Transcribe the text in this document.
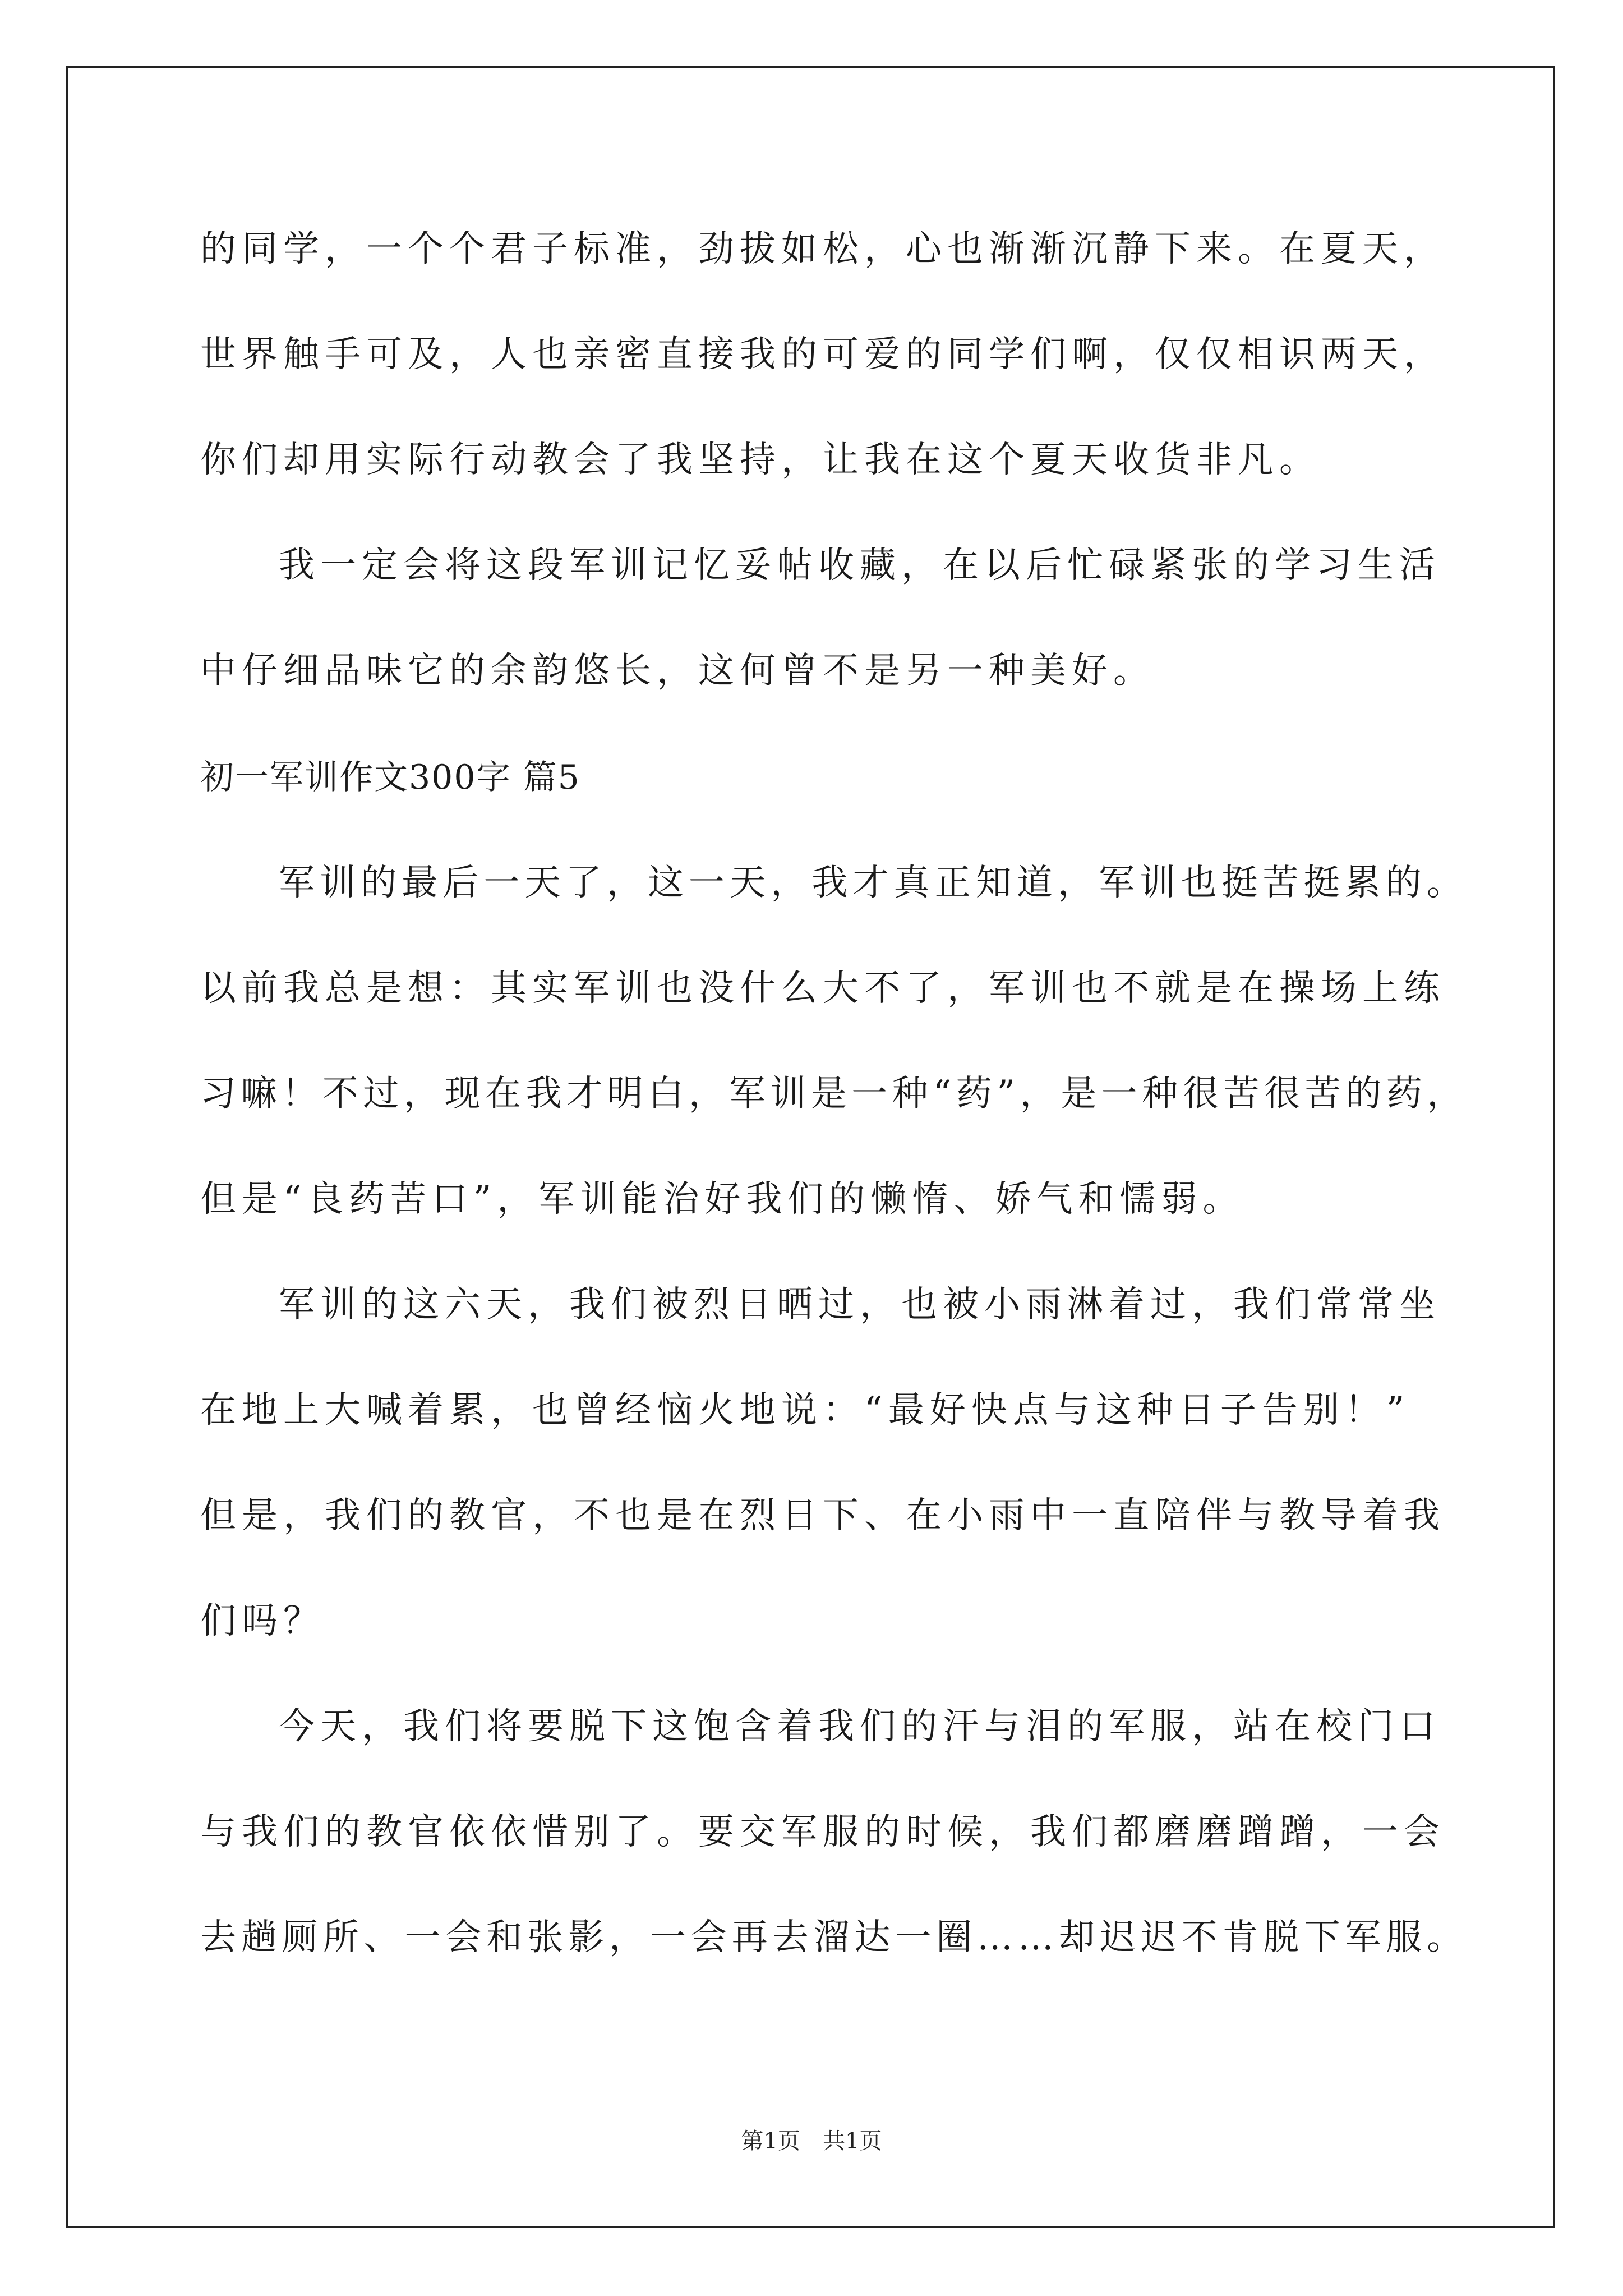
的同学，一个个君子标准，劲拔如松，心也渐渐沉静下来。在夏天，
世界触手可及，人也亲密直接我的可爱的同学们啊，仅仅相识两天，
你们却用实际行动教会了我坚持，让我在这个夏天收货非凡。
我一定会将这段军训记忆妥帖收藏，在以后忙碌紧张的学习生活
中仔细品味它的余韵悠长，这何曾不是另一种美好。
初一军训作文300字 篇5
军训的最后一天了，这一天，我才真正知道，军训也挺苦挺累的。
以前我总是想：其实军训也没什么大不了，军训也不就是在操场上练
习嘛！不过，现在我才明白，军训是一种“药”，是一种很苦很苦的药，
但是“良药苦口”，军训能治好我们的懒惰、娇气和懦弱。
军训的这六天，我们被烈日晒过，也被小雨淋着过，我们常常坐
在地上大喊着累，也曾经恼火地说：“最好快点与这种日子告别！”
但是，我们的教官，不也是在烈日下、在小雨中一直陪伴与教导着我
们吗？
今天，我们将要脱下这饱含着我们的汗与泪的军服，站在校门口
与我们的教官依依惜别了。要交军服的时候，我们都磨磨蹭蹭，一会
去趟厕所、一会和张影，一会再去溜达一圈……却迟迟不肯脱下军服。
第1页　共1页
